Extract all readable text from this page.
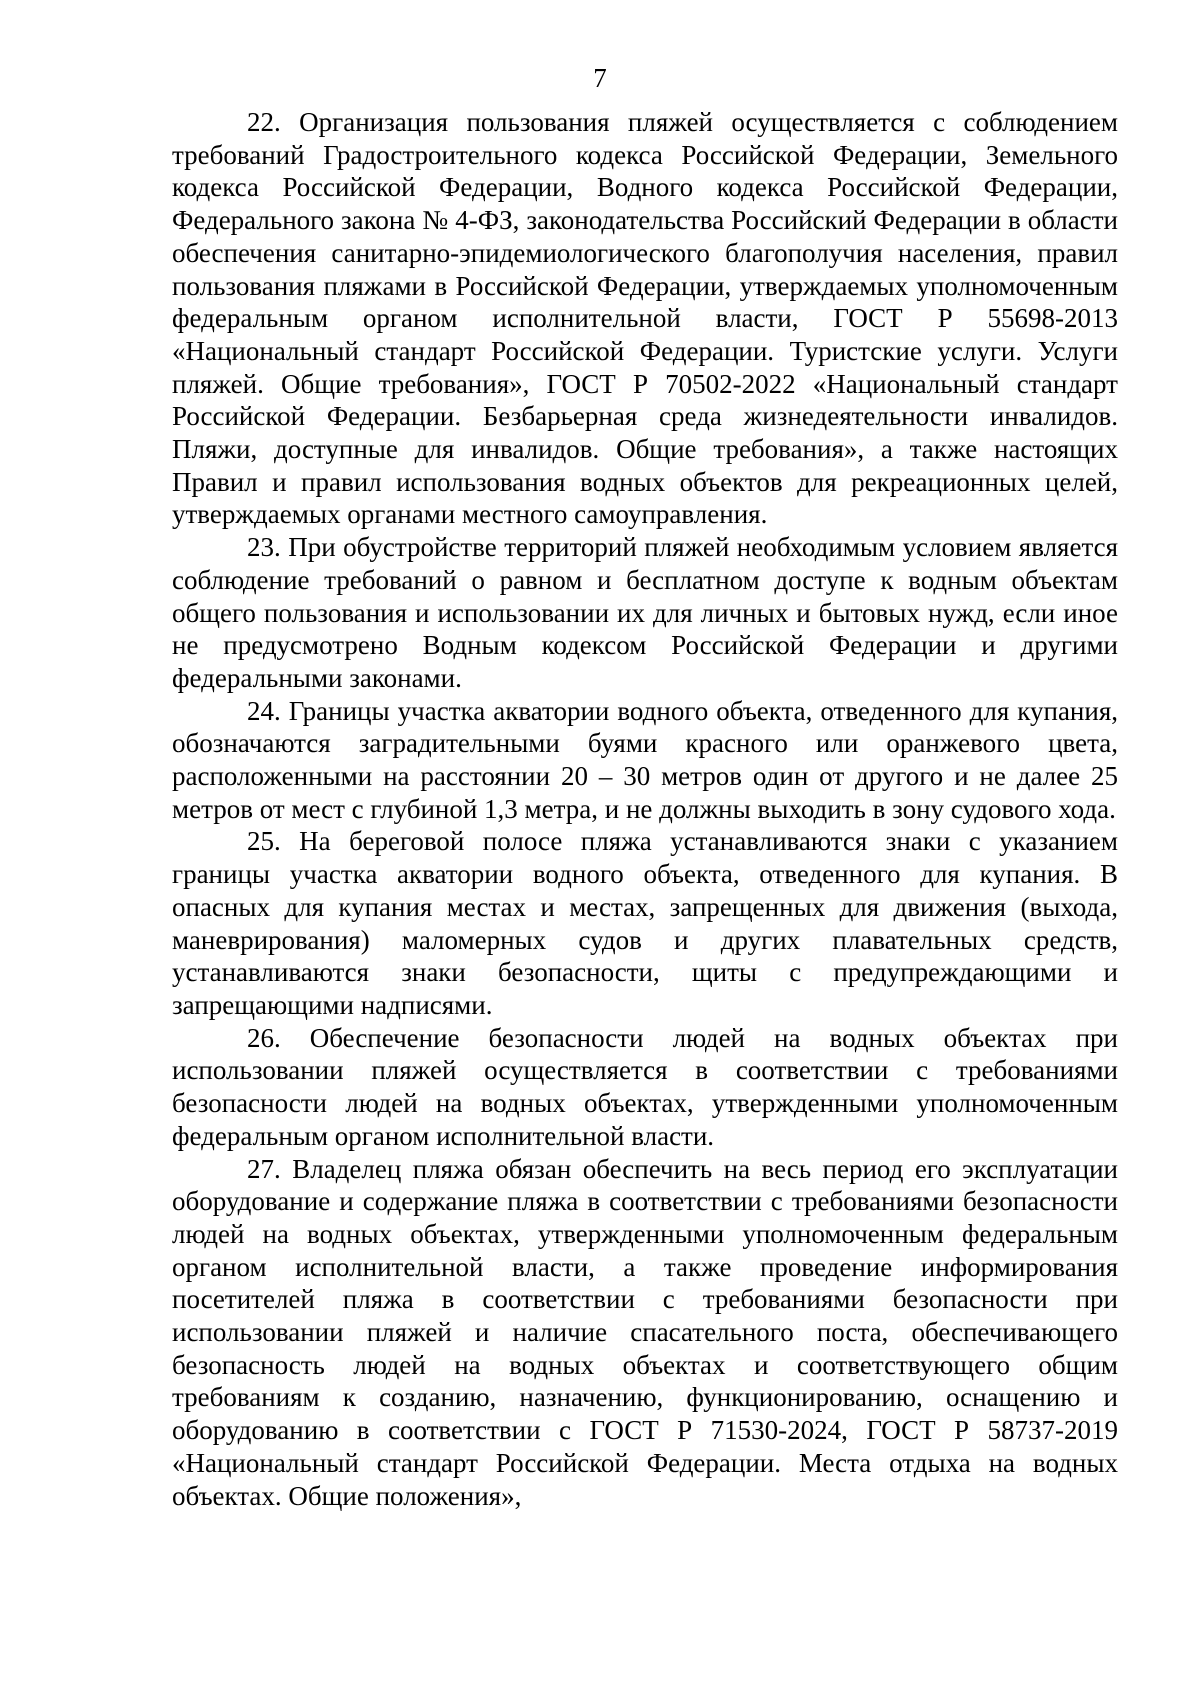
7

22. Организация пользования пляжей осуществляется с соблюдением требований Градостроительного кодекса Российской Федерации, Земельного кодекса Российской Федерации, Водного кодекса Российской Федерации, Федерального закона № 4-ФЗ, законодательства Российский Федерации в области обеспечения санитарно-эпидемиологического благополучия населения, правил пользования пляжами в Российской Федерации, утверждаемых уполномоченным федеральным органом исполнительной власти, ГОСТ Р 55698-2013 «Национальный стандарт Российской Федерации. Туристские услуги. Услуги пляжей. Общие требования», ГОСТ Р 70502-2022 «Национальный стандарт Российской Федерации. Безбарьерная среда жизнедеятельности инвалидов. Пляжи, доступные для инвалидов. Общие требования», а также настоящих Правил и правил использования водных объектов для рекреационных целей, утверждаемых органами местного самоуправления.

23. При обустройстве территорий пляжей необходимым условием является соблюдение требований о равном и бесплатном доступе к водным объектам общего пользования и использовании их для личных и бытовых нужд, если иное не предусмотрено Водным кодексом Российской Федерации и другими федеральными законами.

24. Границы участка акватории водного объекта, отведенного для купания, обозначаются заградительными буями красного или оранжевого цвета, расположенными на расстоянии 20 – 30 метров один от другого и не далее 25 метров от мест с глубиной 1,3 метра, и не должны выходить в зону судового хода.

25. На береговой полосе пляжа устанавливаются знаки с указанием границы участка акватории водного объекта, отведенного для купания. В опасных для купания местах и местах, запрещенных для движения (выхода, маневрирования) маломерных судов и других плавательных средств, устанавливаются знаки безопасности, щиты с предупреждающими и запрещающими надписями.

26. Обеспечение безопасности людей на водных объектах при использовании пляжей осуществляется в соответствии с требованиями безопасности людей на водных объектах, утвержденными уполномоченным федеральным органом исполнительной власти.

27. Владелец пляжа обязан обеспечить на весь период его эксплуатации оборудование и содержание пляжа в соответствии с требованиями безопасности людей на водных объектах, утвержденными уполномоченным федеральным органом исполнительной власти, а также проведение информирования посетителей пляжа в соответствии с требованиями безопасности при использовании пляжей и наличие спасательного поста, обеспечивающего безопасность людей на водных объектах и соответствующего общим требованиям к созданию, назначению, функционированию, оснащению и оборудованию в соответствии с ГОСТ Р 71530-2024, ГОСТ Р 58737-2019 «Национальный стандарт Российской Федерации. Места отдыха на водных объектах. Общие положения»,
